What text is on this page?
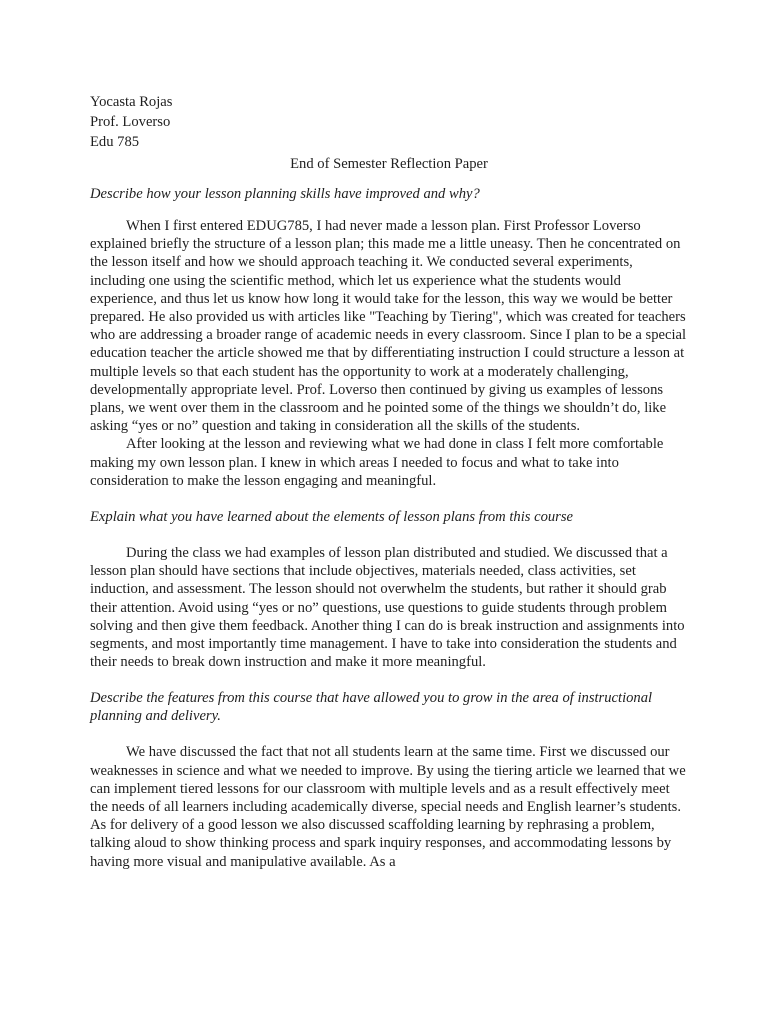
Yocasta Rojas

Prof. Loverso

Edu 785

End of Semester Reflection Paper

Describe how your lesson planning skills have improved and why?

When I first entered EDUG785, I had never made a lesson plan. First Professor Loverso explained briefly the structure of a lesson plan; this made me a little uneasy. Then he concentrated on the lesson itself and how we should approach teaching it. We conducted several experiments, including one using the scientific method, which let us experience what the students would experience, and thus let us know how long it would take for the lesson, this way we would be better prepared. He also provided us with articles like "Teaching by Tiering", which was created for teachers who are addressing a broader range of academic needs in every classroom. Since I plan to be a special education teacher the article showed me that by differentiating instruction I could structure a lesson at multiple levels so that each student has the opportunity to work at a moderately challenging, developmentally appropriate level. Prof. Loverso then continued by giving us examples of lessons plans, we went over them in the classroom and he pointed some of the things we shouldn’t do, like asking “yes or no” question and taking in consideration all the skills of the students.

After looking at the lesson and reviewing what we had done in class I felt more comfortable making my own lesson plan. I knew in which areas I needed to focus and what to take into consideration to make the lesson engaging and meaningful.

Explain what you have learned about the elements of lesson plans from this course

During the class we had examples of lesson plan distributed and studied. We discussed that a lesson plan should have sections that include objectives, materials needed, class activities, set induction, and assessment. The lesson should not overwhelm the students, but rather it should grab their attention. Avoid using “yes or no” questions, use questions to guide students through problem solving and then give them feedback. Another thing I can do is break instruction and assignments into segments, and most importantly time management. I have to take into consideration the students and their needs to break down instruction and make it more meaningful.

Describe the features from this course that have allowed you to grow in the area of instructional planning and delivery.

We have discussed the fact that not all students learn at the same time. First we discussed our weaknesses in science and what we needed to improve. By using the tiering article we learned that we can implement tiered lessons for our classroom with multiple levels and as a result effectively meet the needs of all learners including academically diverse, special needs and English learner’s students. As for delivery of a good lesson we also discussed scaffolding learning by rephrasing a problem, talking aloud to show thinking process and spark inquiry responses, and accommodating lessons by having more visual and manipulative available. As a
